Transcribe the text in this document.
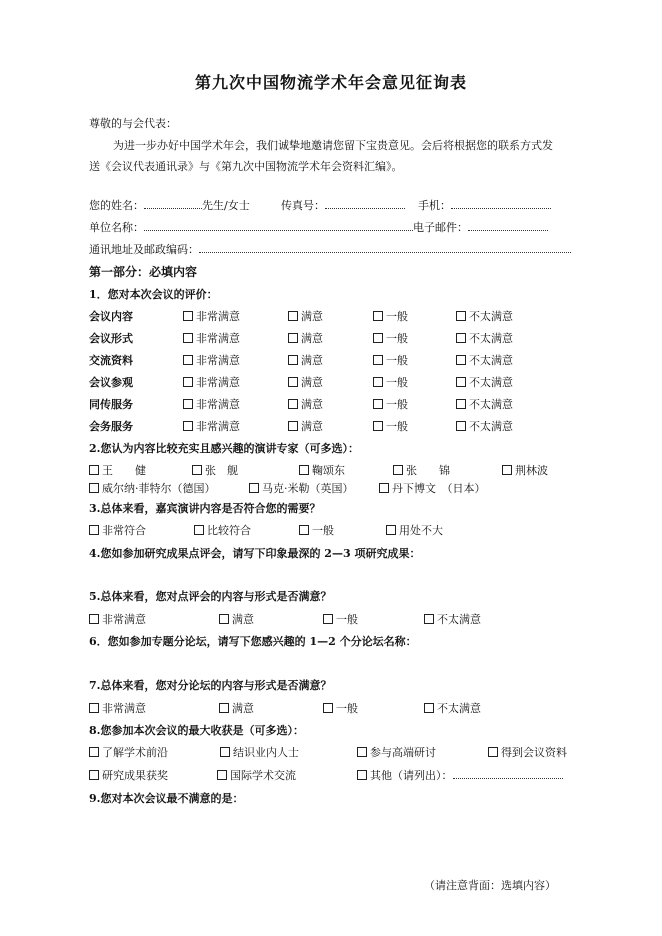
第九次中国物流学术年会意见征询表
尊敬的与会代表：
为进一步办好中国学术年会，我们诚挚地邀请您留下宝贵意见。会后将根据您的联系方式发
送《会议代表通讯录》与《第九次中国物流学术年会资料汇编》。
您的姓名：	先生/女士	传真号：	手机：
单位名称：	电子邮件：
通讯地址及邮政编码：
第一部分：必填内容
1．您对本次会议的评价：
会议内容	非常满意	满意	一般	不太满意
会议形式	非常满意	满意	一般	不太满意
交流资料	非常满意	满意	一般	不太满意
会议参观	非常满意	满意	一般	不太满意
同传服务	非常满意	满意	一般	不太满意
会务服务	非常满意	满意	一般	不太满意
2.您认为内容比较充实且感兴趣的演讲专家（可多选）：
王　　健	张　舰	鞠颂东	张　　锦	荆林波
威尔纳·菲特尔（德国）	马克·米勒（英国）	丹下博文　（日本）
3.总体来看，嘉宾演讲内容是否符合您的需要？
非常符合	比较符合	一般	用处不大
4.您如参加研究成果点评会，请写下印象最深的 2—3 项研究成果：
5.总体来看，您对点评会的内容与形式是否满意？
非常满意	满意	一般	不太满意
6．您如参加专题分论坛，请写下您感兴趣的 1—2 个分论坛名称：
7.总体来看，您对分论坛的内容与形式是否满意？
非常满意	满意	一般	不太满意
8.您参加本次会议的最大收获是（可多选）：
了解学术前沿	结识业内人士	参与高端研讨	得到会议资料
研究成果获奖	国际学术交流	其他（请列出）：
9.您对本次会议最不满意的是：
（请注意背面：选填内容）
